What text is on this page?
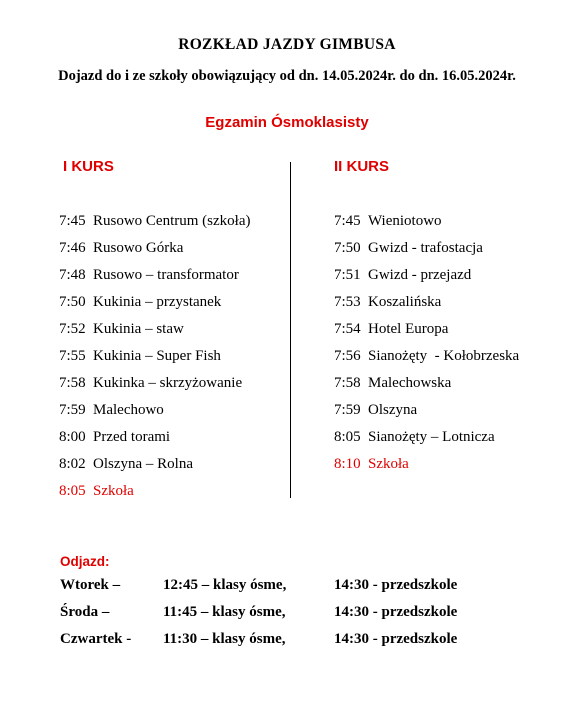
ROZKŁAD JAZDY GIMBUSA
Dojazd do i ze szkoły obowiązujący od dn. 14.05.2024r. do dn. 16.05.2024r.
Egzamin Ósmoklasisty
I KURS	II KURS
7:45 Rusowo Centrum (szkoła)
7:46 Rusowo Górka
7:48 Rusowo – transformator
7:50 Kukinia – przystanek
7:52 Kukinia – staw
7:55 Kukinia – Super Fish
7:58 Kukinka – skrzyżowanie
7:59 Malechowo
8:00 Przed torami
8:02 Olszyna – Rolna
8:05 Szkoła
7:45 Wieniotowo
7:50 Gwizd - trafostacja
7:51 Gwizd - przejazd
7:53 Koszalińska
7:54 Hotel Europa
7:56 Sianożęty  - Kołobrzeska
7:58 Malechowska
7:59 Olszyna
8:05 Sianożęty – Lotnicza
8:10 Szkoła
Odjazd:
Wtorek –	12:45 – klasy ósme,	14:30 - przedszkole
Środa –	11:45 – klasy ósme,	14:30 - przedszkole
Czwartek - 11:30 – klasy ósme,	14:30 - przedszkole
